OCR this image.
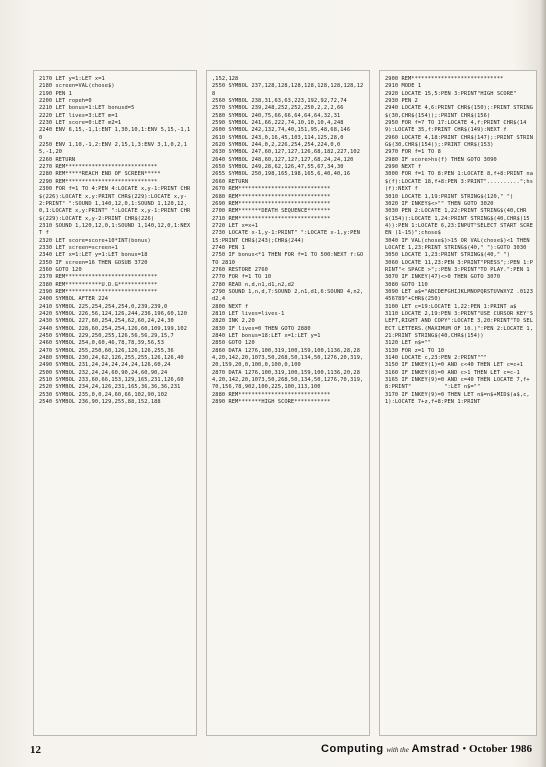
2170 LET y=1:LET x=1
2180 screen=VAL(chose$)
2190 PEN 1
2200 LET ropeh=0
2210 LET bonus=1:LET bonusd=5
2220 LET lives=3:LET m=1
2230 LET score=0:LET m2=1
2240 ENV 6,15,-1,1:ENT 1,30,10,1:ENV 5,15,-1,10
2250 ENV 1,10,-1,2:ENV 2,15,1,3:ENV 3,1,0,2,15,-1,20
2260 RETURN
2270 REM****************************
2280 REM*****REACH END OF SCREEN*****
2290 REM****************************
2300 FOR f=1 TO 4:PEN 4:LOCATE x,y-1:PRINT CHR$(226):LOCATE x,y:PRINT CHR$(229):LOCATE x,y-2:PRINT" ":SOUND 1,140,12,0,1:SOUND 1,120,12,0,1:LOCATE x,y:PRINT" ":LOCATE x,y-1:PRINT CHR$(229):LOCATE x,y-2:PRINT CHR$(226)
2310 SOUND 1,120,12,0,1:SOUND 1,140,12,0,1:NEXT f
2320 LET score=score+10*INT(bonus)
2330 LET screen=screen+1
2340 LET x=1:LET y=1:LET bonus=18
2350 IF screen=16 THEN GOSUB 3720
2360 GOTO 120
2370 REM****************************
2380 REM***********U.D.G************
2390 REM****************************
2400 SYMBOL AFTER 224
2410 SYMBOL 225,254,254,254,0,239,239,0
2420 SYMBOL 226,56,124,126,244,236,196,60,120
2430 SYMBOL 227,60,254,254,62,60,24,24,30
2440 SYMBOL 228,60,254,254,126,60,109,199,102
2450 SYMBOL 229,250,255,126,56,56,29,15,7
2460 SYMBOL 254,0,60,46,78,78,39,56,53
2470 SYMBOL 255,250,60,126,126,126,255,36
2480 SYMBOL 230,24,62,126,255,255,126,126,40
2490 SYMBOL 231,24,24,24,24,24,126,60,24
2500 SYMBOL 232,24,24,60,90,24,60,90,24
2510 SYMBOL 233,60,66,153,129,165,231,126,60
2520 SYMBOL 234,24,126,231,165,36,36,36,231
2530 SYMBOL 235,0,0,24,60,66,102,90,102
2540 SYMBOL 236,90,129,255,88,152,188
,152,128
2550 SYMBOL 237,128,128,128,128,128,128,128,128
2560 SYMBOL 238,31,63,63,223,192,92,72,74
2570 SYMBOL 239,248,252,252,250,2,2,2,66
2580 SYMBOL 240,75,66,66,64,64,64,32,31
2590 SYMBOL 241,66,222,74,10,10,10,4,248
2600 SYMBOL 242,132,74,40,151,95,48,68,146
2610 SYMBOL 243,0,16,45,103,114,125,28,0
2620 SYMBOL 244,0,2,226,254,254,224,0,0
2630 SYMBOL 247,60,127,127,126,68,182,227,102
2640 SYMBOL 248,60,127,127,127,68,24,24,120
2650 SYMBOL 249,28,62,126,47,55,67,34,30
2655 SYMBOL 250,198,165,198,165,6,40,40,16
2660 RETURN
2670 REM****************************
2680 REM****************************
2690 REM****************************
2700 REM*******DEATH SEQUENCE*******
2710 REM****************************
2720 LET x=x+1
2730 LOCATE x-1,y-1:PRINT" ":LOCATE x-1,y:PEN 15:PRINT CHR$(243);CHR$(244)
2740 PEN 1
2750 IF bonus<*1 THEN FOR f=1 TO 500:NEXT f:GOTO 2810
2760 RESTORE 2760
2770 FOR f=1 TO 10
2780 READ n,d,n1,d1,n2,d2
2790 SOUND 1,n,d,7:SOUND 2,n1,d1,6:SOUND 4,n2,d2,4
2800 NEXT f
2810 LET lives=lives-1
2820 INK 2,20
2830 IF lives=0 THEN GOTO 2880
2840 LET bonus=18:LET x=1:LET y=1
2850 GOTO 120
2860 DATA 1276,100,319,100,159,100,1136,28,284,20,142,20,1073,50,268,50,134,50,1276,20,319,20,159,20,0,100,0,100,0,100
2870 DATA 1276,100,319,100,159,100,1136,20,284,20,142,20,1073,50,268,50,134,50,1276,70,319,70,156,78,902,100,225,100,113,100
2880 REM****************************
2890 REM*******HIGH SCORE***********
2900 REM****************************
2910 MODE 1
2920 LOCATE 15,5:PEN 3:PRINT"HIGH SCORE"
2930 PEN 2
2940 LOCATE 4,6:PRINT CHR$(150);:PRINT STRING$(30,CHR$(154));:PRINT CHR$(156)
2950 FOR f=7 TO 17:LOCATE 4,f:PRINT CHR$(149):LOCATE 35,f:PRINT CHR$(149):NEXT f
2960 LOCATE 4,18:PRINT CHR$(147);:PRINT STRING$(30,CHR$(154));:PRINT CHR$(153)
2970 FOR f=1 TO 8
2980 IF score>hs(f) THEN GOTO 3090
2990 NEXT f
3000 FOR f=1 TO 8:PEN 1:LOCATE 8,f+8:PRINT na$(f):LOCATE 18,f+8:PEN 3:PRINT"..........";hs(f):NEXT f
3010 LOCATE 1,19:PRINT STRING$(120," ")
3020 IF INKEY$<>"" THEN GOTO 3020
3030 PEN 2:LOCATE 1,22:PRINT STRING$(40,CHR$(154)):LOCATE 1,24:PRINT STRING$(40,CHR$(154)):PEN 1:LOCATE 6,23:INPUT"SELECT START SCREEN (1-15)";chose$
3040 IF VAL(chose$)>15 OR VAL(chose$)<1 THEN LOCATE 1,23:PRINT STRING$(40," "):GOTO 3030
3050 LOCATE 1,23:PRINT STRING$(40," ")
3060 LOCATE 11,23:PEN 3:PRINT"PRESS";:PEN 1:PRINT"< SPACE >";:PEN 3:PRINT"TO PLAY.":PEN 1
3070 IF INKEY(47)<>0 THEN GOTO 3070
3080 GOTO 110
3090 LET a$="ABCDEFGHIJKLMNOPQRSTUVWXYZ .0123456789"+CHR$(250)
3100 LET c=19:LOCATE 1,22:PEN 1:PRINT a$
3110 LOCATE 2,19:PEN 3:PRINT"USE CURSOR KEY'S LEFT,RIGHT AND COPY":LOCATE 3,20:PRINT"TO SELECT LETTERS.(MAXIMUM OF 10.)":PEN 2:LOCATE 1,21:PRINT STRING$(40,CHR$(154))
3120 LET n$=""
3130 FOR z=1 TO 10
3140 LOCATE c,23:PEN 2:PRINT"^"
3150 IF INKEY(1)=0 AND c<40 THEN LET c=c+1
3160 IF INKEY(8)=0 AND c>1 THEN LET c=c-1
3165 IF INKEY(9)=0 AND c=40 THEN LOCATE 7,f+8:PRINT"          ":LET n$=""
3170 IF INKEY(9)=0 THEN LET n$=n$+MID$(a$,c,1):LOCATE 7+z,f+8:PEN 1:PRINT
12	Computing with the Amstrad • October 1986
